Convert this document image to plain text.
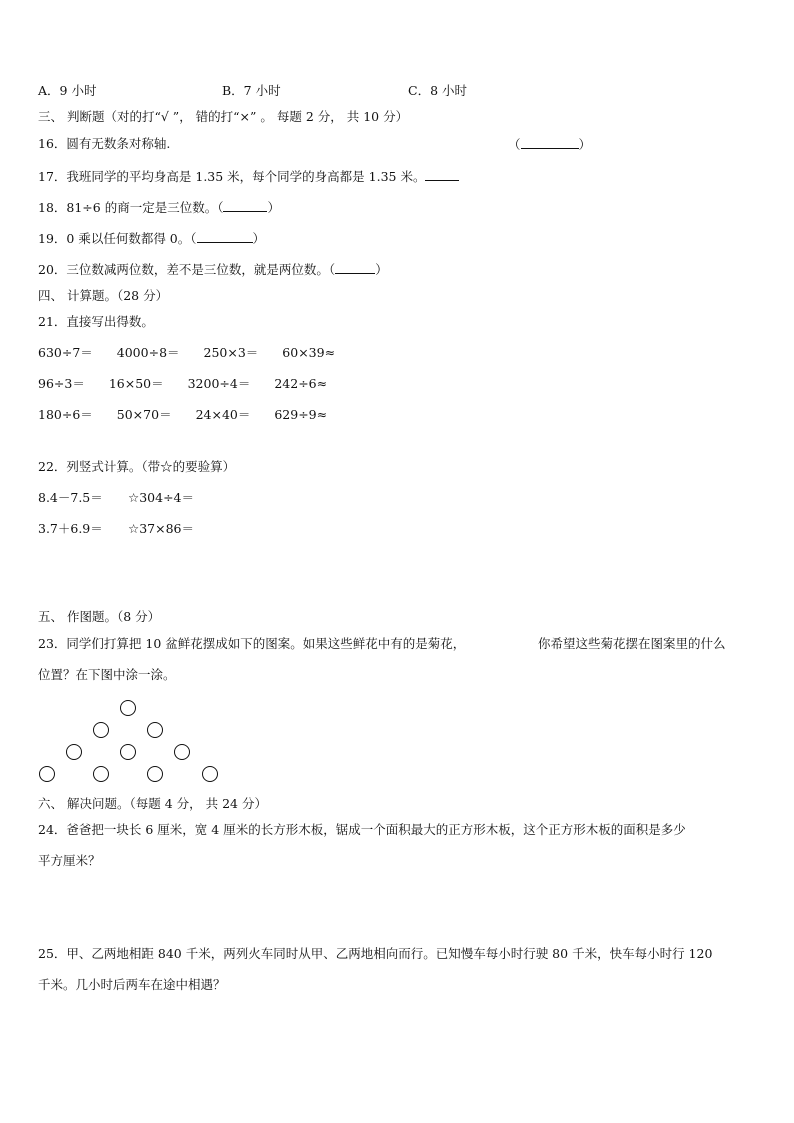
A．9 小时	B．7 小时	C．8 小时
三、 判断题（对的打“√ ”， 错的打“×” 。 每题 2 分， 共 10 分）
16．圆有无数条对称轴.	（	）
17．我班同学的平均身高是 1.35 米，每个同学的身高都是 1.35 米。
18．81÷6 的商一定是三位数。（	）
19．0 乘以任何数都得 0。（	）
20．三位数减两位数，差不是三位数，就是两位数。（	）
四、 计算题。（28 分）
21．直接写出得数。
630÷7＝ 4000÷8＝ 250×3＝ 60×39≈
96÷3＝ 16×50＝ 3200÷4＝ 242÷6≈
180÷6＝ 50×70＝ 24×40＝ 629÷9≈
22．列竖式计算。（带☆的要验算）
8.4－7.5＝ ☆304÷4＝
3.7＋6.9＝ ☆37×86＝
五、 作图题。（8 分）
23．同学们打算把 10 盆鲜花摆成如下的图案。如果这些鲜花中有的是菊花，	你希望这些菊花摆在图案里的什么
位置？在下图中涂一涂。
六、 解决问题。（每题 4 分， 共 24 分）
24．爸爸把一块长 6 厘米，宽 4 厘米的长方形木板，锯成一个面积最大的正方形木板，这个正方形木板的面积是多少
平方厘米？
25．甲、乙两地相距 840 千米，两列火车同时从甲、乙两地相向而行。已知慢车每小时行驶 80 千米，快车每小时行 120
千米。几小时后两车在途中相遇？
